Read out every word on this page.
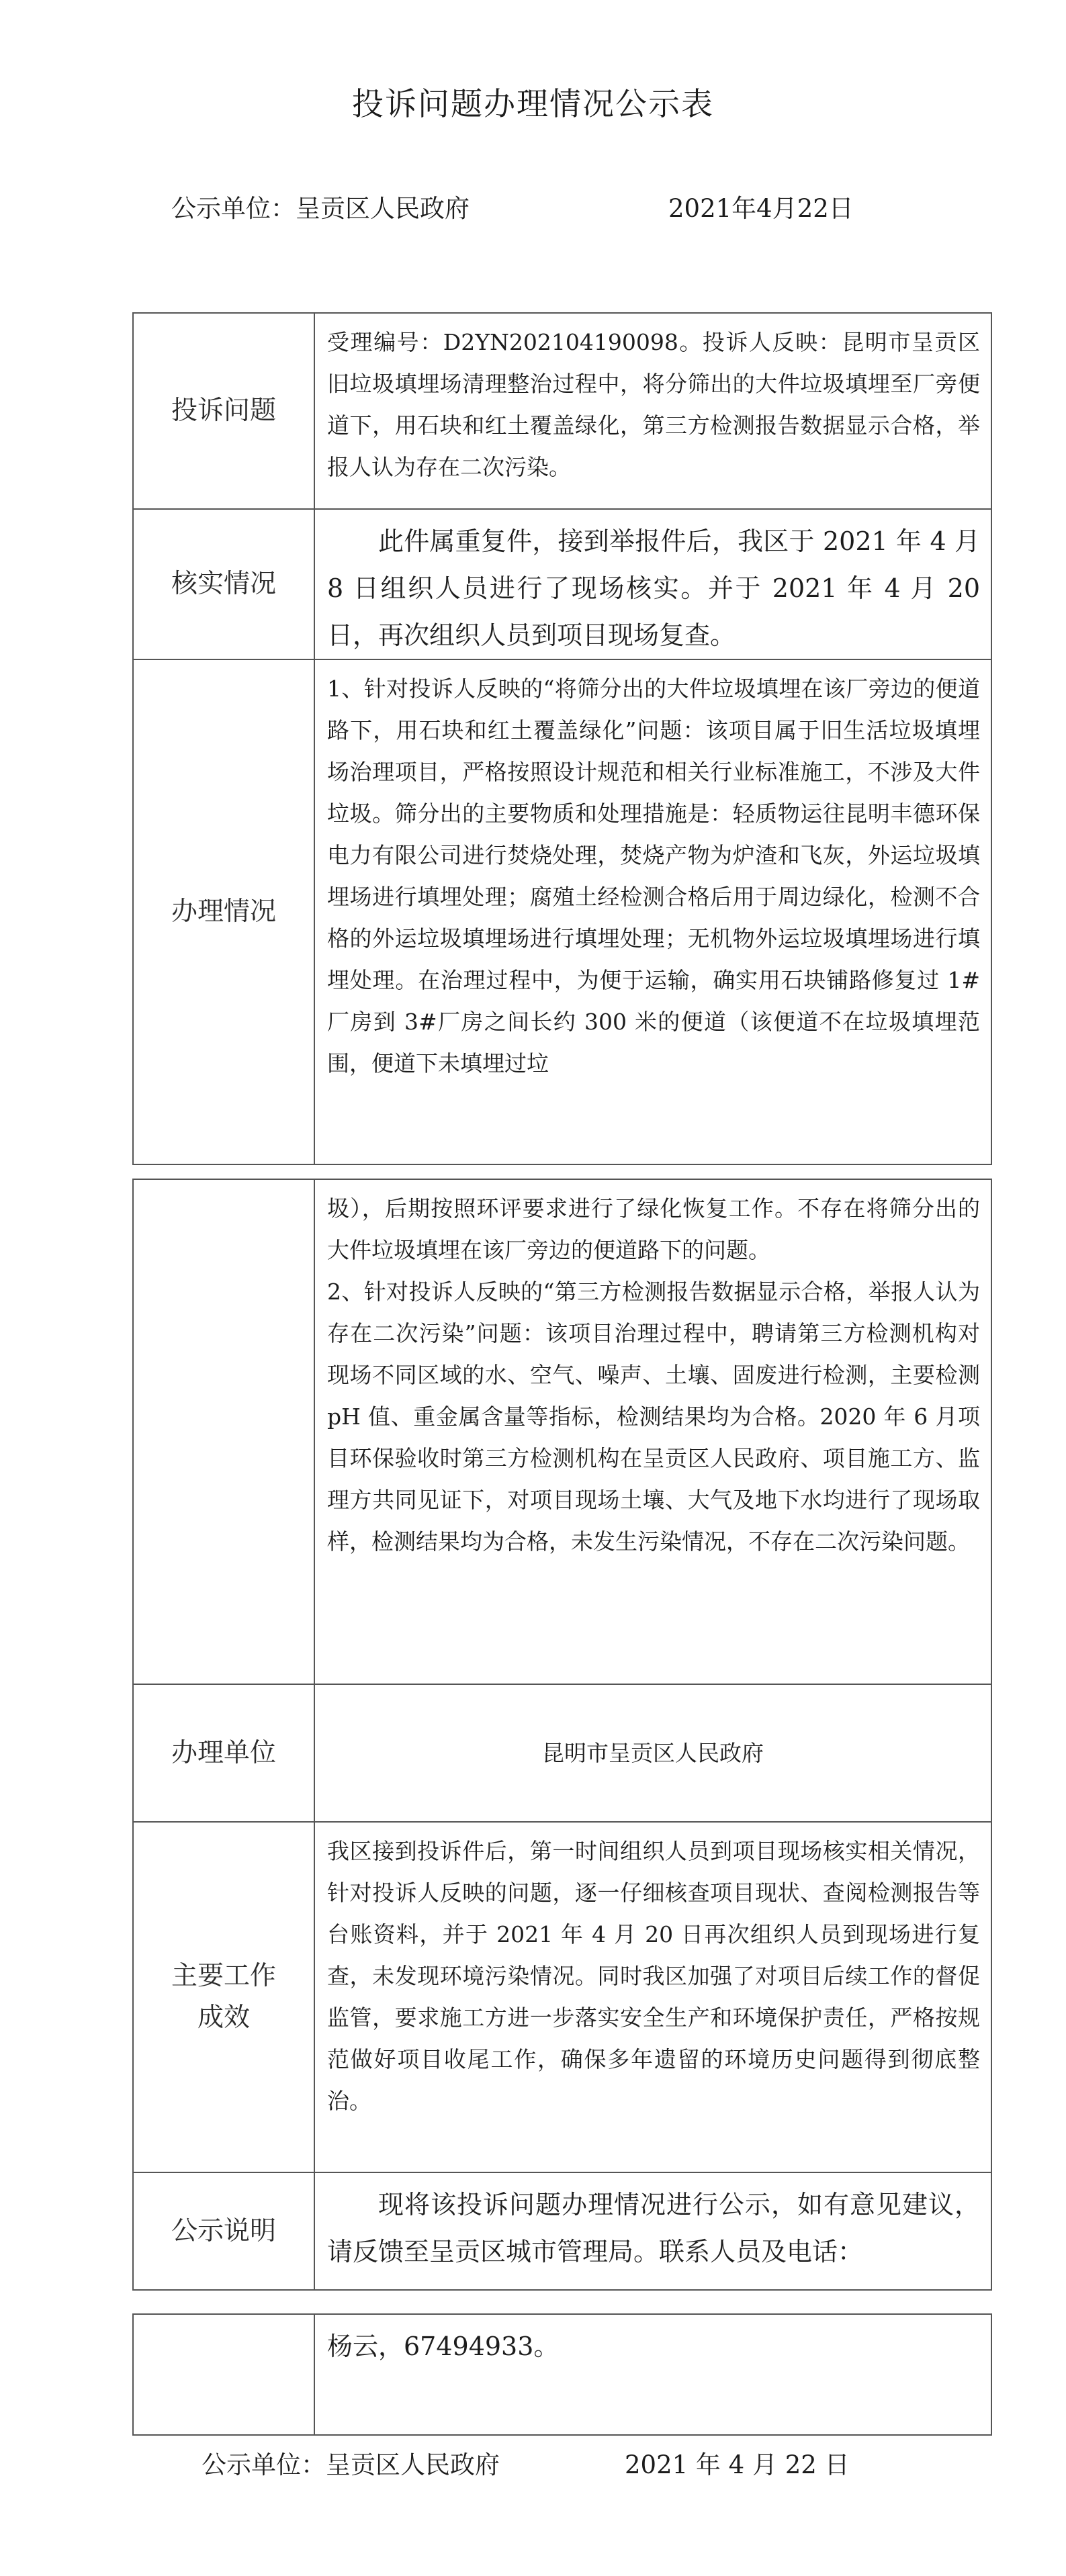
投诉问题办理情况公示表
公示单位：呈贡区人民政府	2021年4月22日
投诉问题	受理编号：D2YN202104190098。投诉人反映：昆明市呈贡区旧垃圾填埋场清理整治过程中，将分筛出的大件垃圾填埋至厂旁便道下，用石块和红土覆盖绿化，第三方检测报告数据显示合格，举报人认为存在二次污染。

核实情况	此件属重复件，接到举报件后，我区于 2021 年 4 月 8 日组织人员进行了现场核实。并于 2021 年 4 月 20 日，再次组织人员到项目现场复查。

办理情况	1、针对投诉人反映的“将筛分出的大件垃圾填埋在该厂旁边的便道路下，用石块和红土覆盖绿化”问题：该项目属于旧生活垃圾填埋场治理项目，严格按照设计规范和相关行业标准施工，不涉及大件垃圾。筛分出的主要物质和处理措施是：轻质物运往昆明丰德环保电力有限公司进行焚烧处理，焚烧产物为炉渣和飞灰，外运垃圾填埋场进行填埋处理；腐殖土经检测合格后用于周边绿化，检测不合格的外运垃圾填埋场进行填埋处理；无机物外运垃圾填埋场进行填埋处理。在治理过程中，为便于运输，确实用石块铺路修复过 1#厂房到 3#厂房之间长约 300 米的便道（该便道不在垃圾填埋范围，便道下未填埋过垃

	圾），后期按照环评要求进行了绿化恢复工作。不存在将筛分出的大件垃圾填埋在该厂旁边的便道路下的问题。

2、针对投诉人反映的“第三方检测报告数据显示合格，举报人认为存在二次污染”问题：该项目治理过程中，聘请第三方检测机构对现场不同区域的水、空气、噪声、土壤、固废进行检测，主要检测 pH 值、重金属含量等指标，检测结果均为合格。2020 年 6 月项目环保验收时第三方检测机构在呈贡区人民政府、项目施工方、监理方共同见证下，对项目现场土壤、大气及地下水均进行了现场取样，检测结果均为合格，未发生污染情况，不存在二次污染问题。

办理单位	昆明市呈贡区人民政府

主要工作成效	我区接到投诉件后，第一时间组织人员到项目现场核实相关情况，针对投诉人反映的问题，逐一仔细核查项目现状、查阅检测报告等台账资料，并于 2021 年 4 月 20 日再次组织人员到现场进行复查，未发现环境污染情况。同时我区加强了对项目后续工作的督促监管，要求施工方进一步落实安全生产和环境保护责任，严格按规范做好项目收尾工作，确保多年遗留的环境历史问题得到彻底整治。

公示说明	现将该投诉问题办理情况进行公示，如有意见建议，请反馈至呈贡区城市管理局。联系人员及电话：

杨云，67494933。

公示单位：呈贡区人民政府	2021 年 4 月 22 日
